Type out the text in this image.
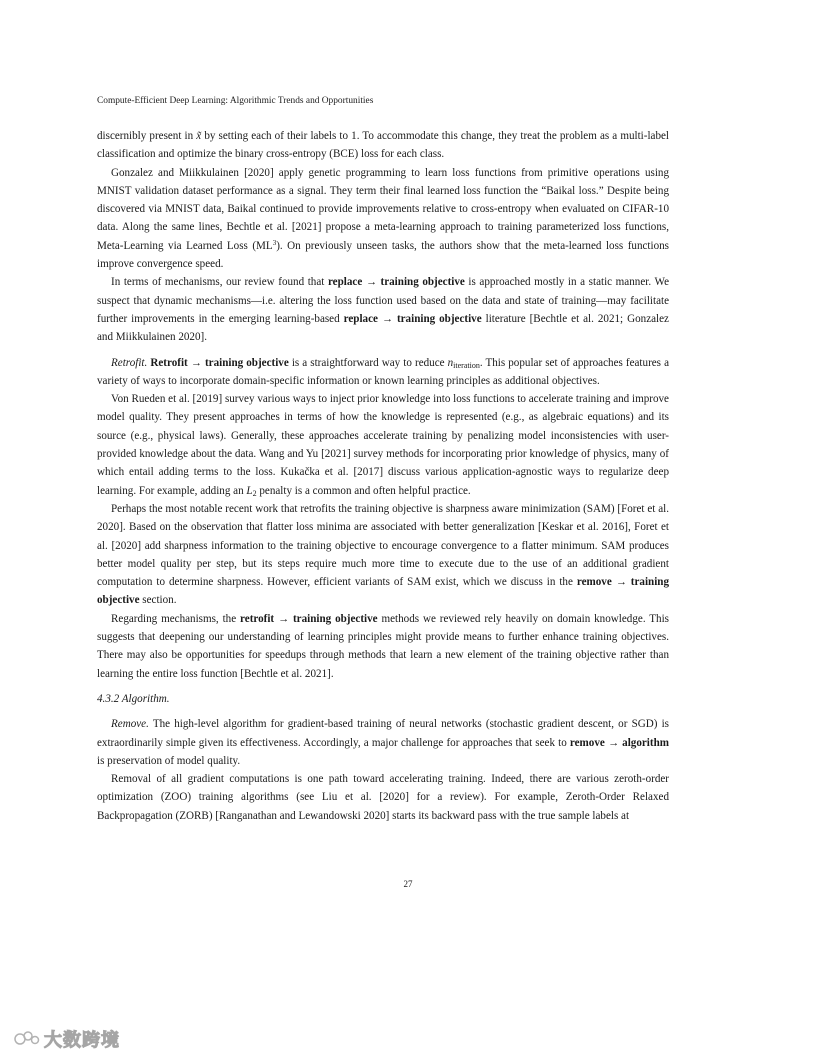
Compute-Efficient Deep Learning: Algorithmic Trends and Opportunities

discernibly present in x̃ by setting each of their labels to 1. To accommodate this change, they treat the problem as a multi-label classification and optimize the binary cross-entropy (BCE) loss for each class.

Gonzalez and Miikkulainen [2020] apply genetic programming to learn loss functions from primitive operations using MNIST validation dataset performance as a signal. They term their final learned loss function the “Baikal loss.” Despite being discovered via MNIST data, Baikal continued to provide improvements relative to cross-entropy when evaluated on CIFAR-10 data. Along the same lines, Bechtle et al. [2021] propose a meta-learning approach to training parameterized loss functions, Meta-Learning via Learned Loss $(ML^3)$. On previously unseen tasks, the authors show that the meta-learned loss functions improve convergence speed.

In terms of mechanisms, our review found that replace → training objective is approached mostly in a static manner. We suspect that dynamic mechanisms—i.e. altering the loss function used based on the data and state of training—may facilitate further improvements in the emerging learning-based replace → training objective literature [Bechtle et al. 2021; Gonzalez and Miikkulainen 2020].

Retrofit. Retrofit → training objective is a straightforward way to reduce $n_{iteration}$. This popular set of approaches features a variety of ways to incorporate domain-specific information or known learning principles as additional objectives.

Von Rueden et al. [2019] survey various ways to inject prior knowledge into loss functions to accelerate training and improve model quality. They present approaches in terms of how the knowledge is represented (e.g., as algebraic equations) and its source (e.g., physical laws). Generally, these approaches accelerate training by penalizing model inconsistencies with user-provided knowledge about the data. Wang and Yu [2021] survey methods for incorporating prior knowledge of physics, many of which entail adding terms to the loss. Kukačka et al. [2017] discuss various application-agnostic ways to regularize deep learning. For example, adding an $L_2$ penalty is a common and often helpful practice.

Perhaps the most notable recent work that retrofits the training objective is sharpness aware minimization (SAM) [Foret et al. 2020]. Based on the observation that flatter loss minima are associated with better generalization [Keskar et al. 2016], Foret et al. [2020] add sharpness information to the training objective to encourage convergence to a flatter minimum. SAM produces better model quality per step, but its steps require much more time to execute due to the use of an additional gradient computation to determine sharpness. However, efficient variants of SAM exist, which we discuss in the remove → training objective section.

Regarding mechanisms, the retrofit → training objective methods we reviewed rely heavily on domain knowledge. This suggests that deepening our understanding of learning principles might provide means to further enhance training objectives. There may also be opportunities for speedups through methods that learn a new element of the training objective rather than learning the entire loss function [Bechtle et al. 2021].

4.3.2 Algorithm.

Remove. The high-level algorithm for gradient-based training of neural networks (stochastic gradient descent, or SGD) is extraordinarily simple given its effectiveness. Accordingly, a major challenge for approaches that seek to remove → algorithm is preservation of model quality.

Removal of all gradient computations is one path toward accelerating training. Indeed, there are various zeroth-order optimization (ZOO) training algorithms (see Liu et al. [2020] for a review). For example, Zeroth-Order Relaxed Backpropagation (ZORB) [Ranganathan and Lewandowski 2020] starts its backward pass with the true sample labels at

27
大数跨境
